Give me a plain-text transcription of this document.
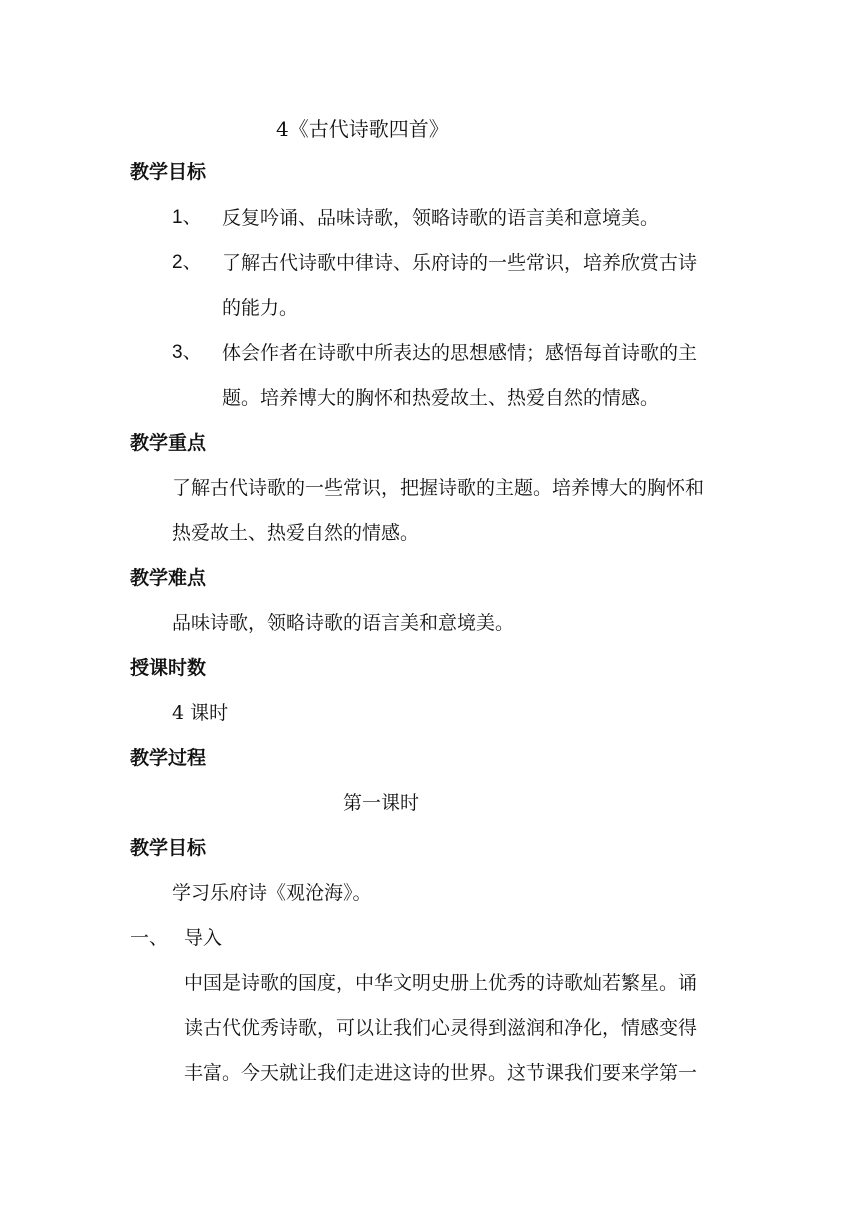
4《古代诗歌四首》
教学目标
1、 反复吟诵、品味诗歌，领略诗歌的语言美和意境美。
2、 了解古代诗歌中律诗、乐府诗的一些常识，培养欣赏古诗
的能力。
3、 体会作者在诗歌中所表达的思想感情；感悟每首诗歌的主
题。培养博大的胸怀和热爱故土、热爱自然的情感。
教学重点
了解古代诗歌的一些常识，把握诗歌的主题。培养博大的胸怀和
热爱故土、热爱自然的情感。
教学难点
品味诗歌，领略诗歌的语言美和意境美。
授课时数
4 课时
教学过程
第一课时
教学目标
学习乐府诗《观沧海》。
一、 导入
中国是诗歌的国度，中华文明史册上优秀的诗歌灿若繁星。诵
读古代优秀诗歌，可以让我们心灵得到滋润和净化，情感变得
丰富。今天就让我们走进这诗的世界。这节课我们要来学第一
